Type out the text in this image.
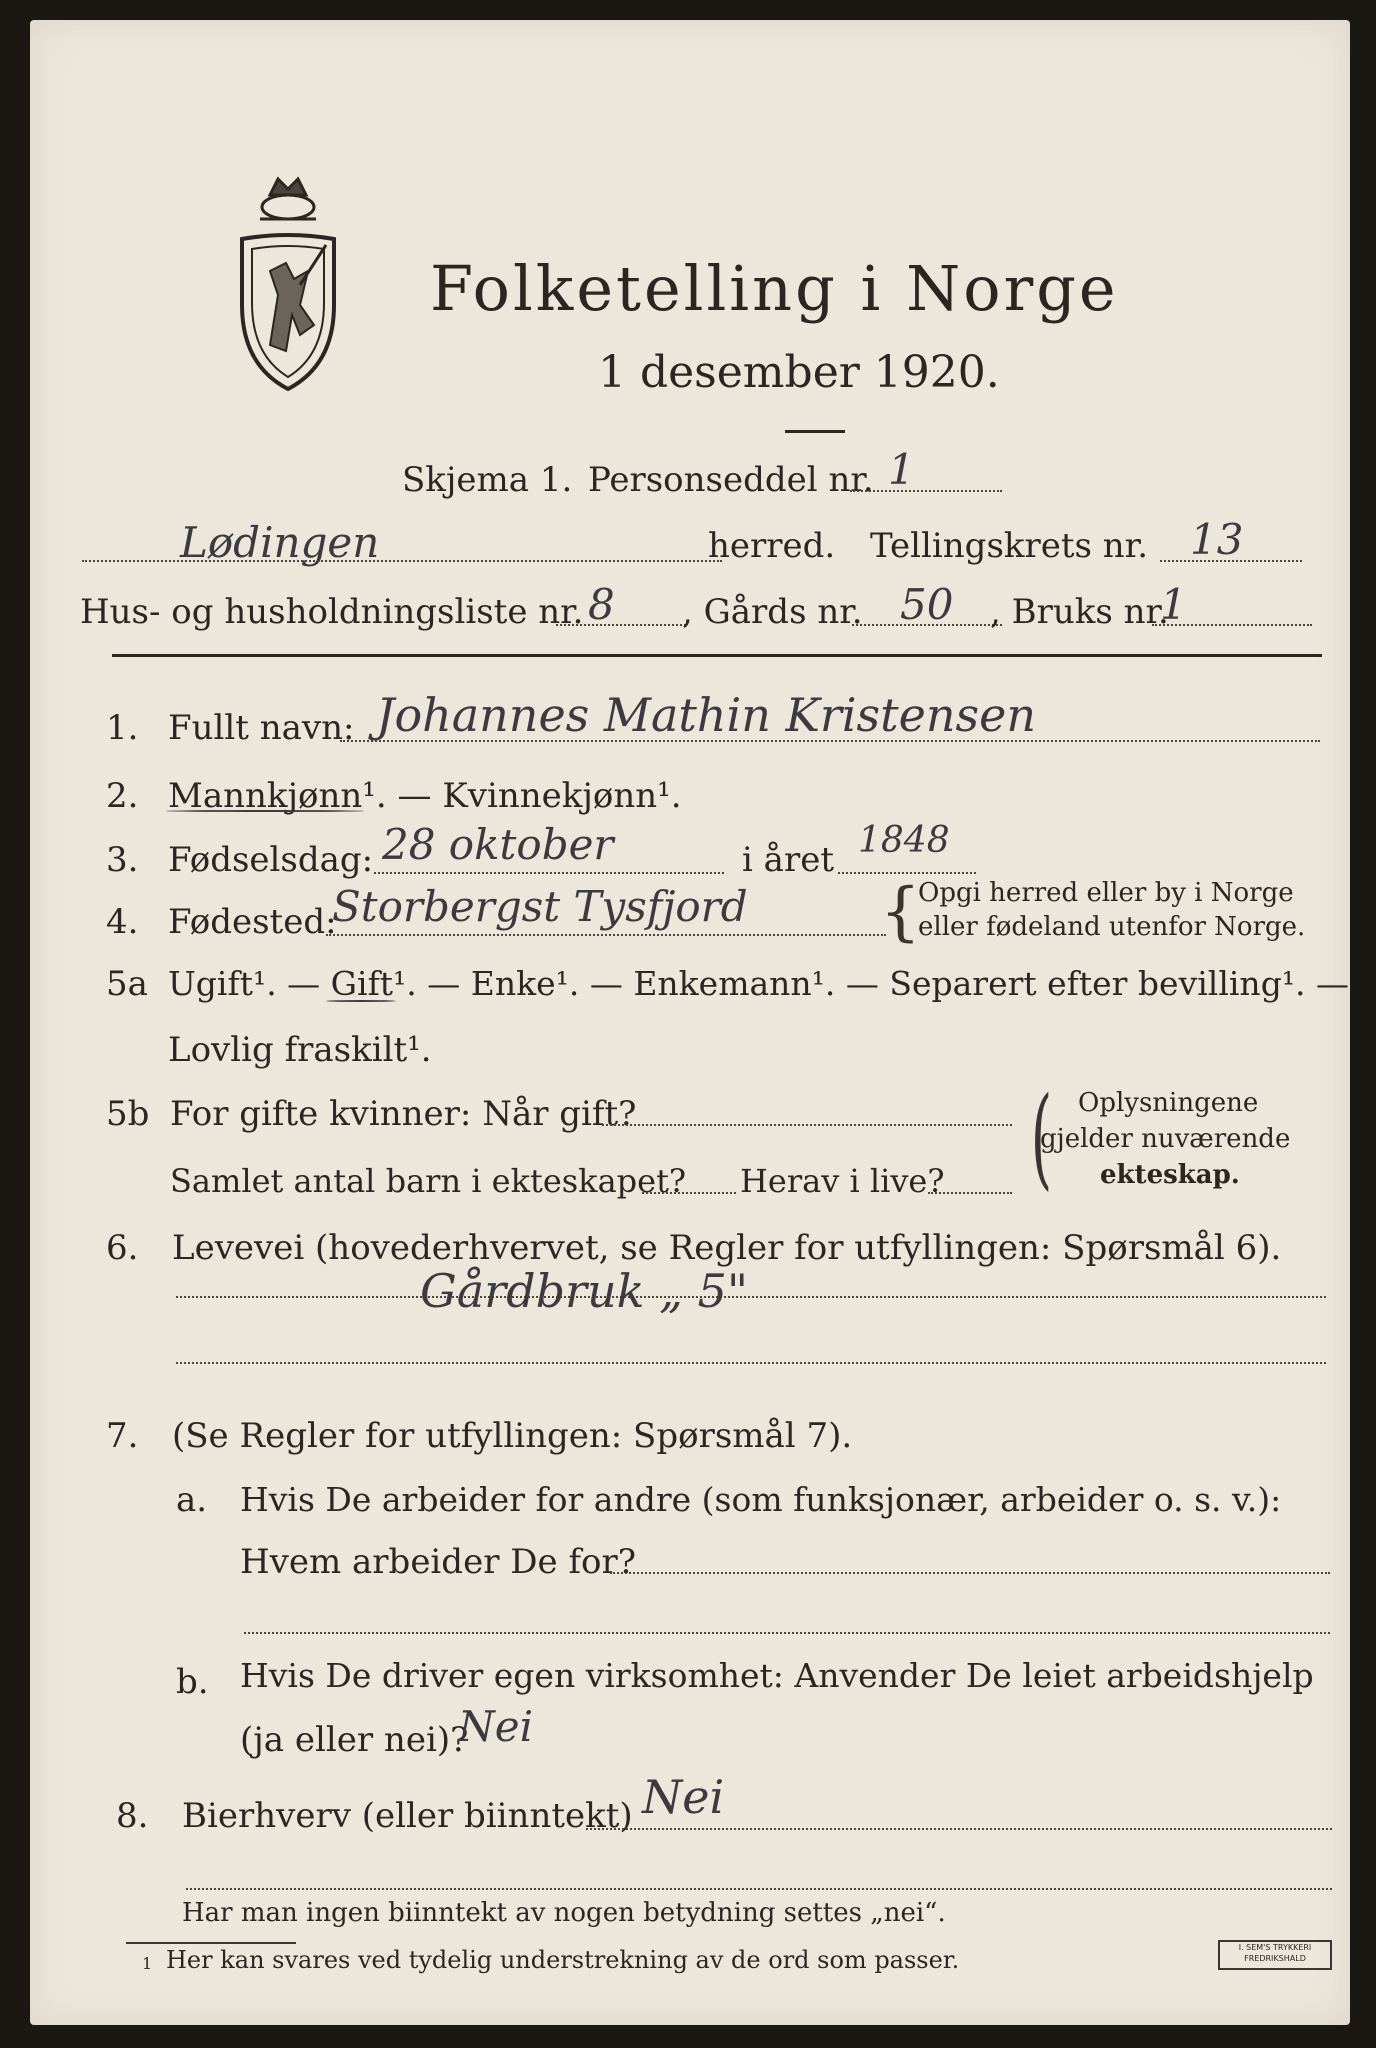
Folketelling i Norge
1 desember 1920.
Skjema 1. Personseddel nr. 1
Lødingen	herred. Tellingskrets nr. 13
Hus- og husholdningsliste nr. 8 , Gårds nr. 50 , Bruks nr.
1
1. Fullt navn: Johannes Mathin Kristensen
2. Mannkjønn¹. — Kvinnekjønn¹.
3. Fødselsdag: 28 oktober	i året 1848
4. Fødested:
Storbergst Tysfjord {
Opgi herred eller by i Norge
eller fødeland utenfor Norge.
5a Ugift¹. — Gift¹. — Enke¹. — Enkemann¹. — Separert efter bevilling¹. —
Lovlig fraskilt¹.
5b For gifte kvinner: Når gift?
Samlet antal barn i ekteskapet? Herav i live? ( Oplysningene
gjelder nuværende
ekteskap.
6. Levevei (hovederhvervet, se Regler for utfyllingen: Spørsmål 6).
Gårdbruk „ 5"
7. (Se Regler for utfyllingen: Spørsmål 7).
a. Hvis De arbeider for andre (som funksjonær, arbeider o. s. v.):
Hvem arbeider De for?
b. Hvis De driver egen virksomhet: Anvender De leiet arbeidshjelp
(ja eller nei)?
Nei
8. Bierhverv (eller biinntekt) Nei
Har man ingen biinntekt av nogen betydning settes „nei“.
1 Her kan svares ved tydelig understrekning av de ord som passer.	I. SEM'S TRYKKERI FREDRIKSHALD
